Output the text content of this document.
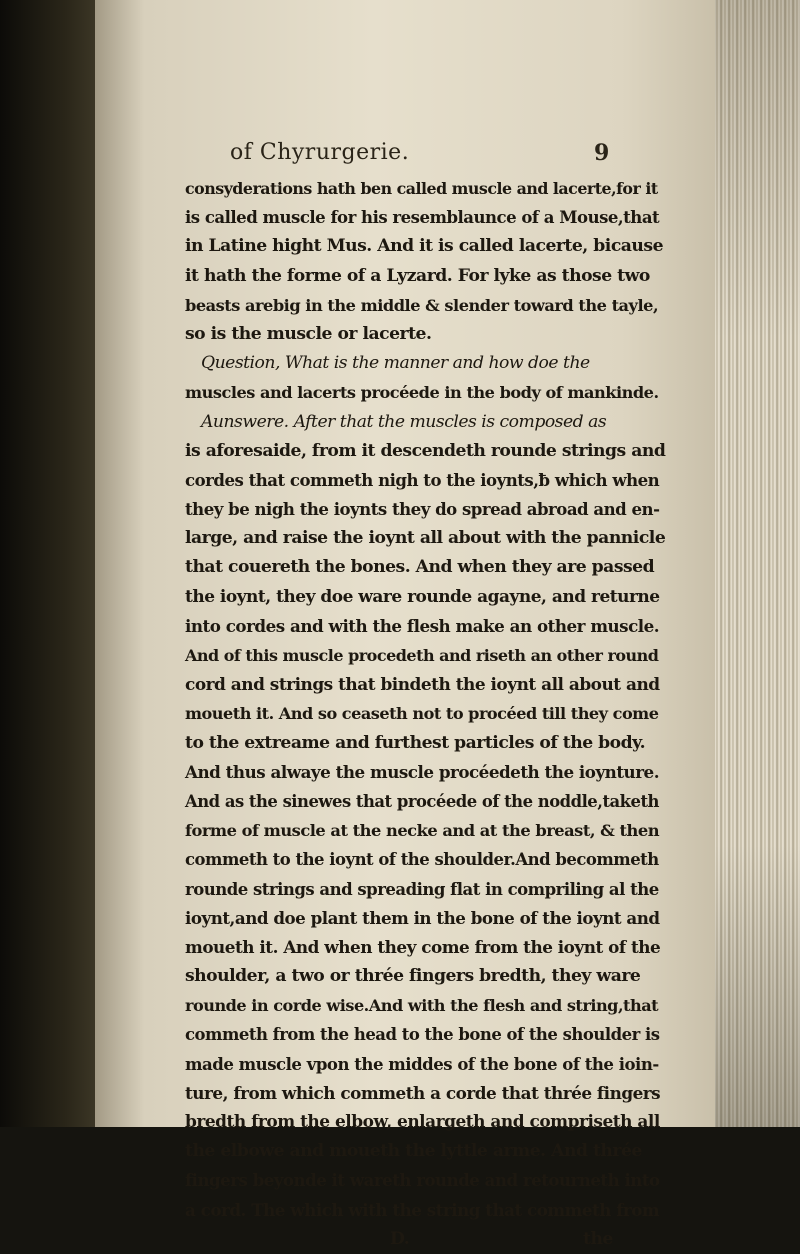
of Chyrurgerie.	9
consyderations hath ben called muscle and lacerte,for it
is called muscle for his resemblaunce of a Mouse,that
in Latine hight Mus. And it is called lacerte, bicause
it hath the forme of a Lyzard. For lyke as those two
beasts arebig in the middle & slender toward the tayle,
so is the muscle or lacerte.
Question, What is the manner and how doe the
muscles and lacerts procéede in the body of mankinde.
Aunswere. After that the muscles is composed as
is aforesaide, from it descendeth rounde strings and
cordes that commeth nigh to the ioynts,ƀ which when
they be nigh the ioynts they do spread abroad and en-
large, and raise the ioynt all about with the pannicle
that couereth the bones. And when they are passed
the ioynt, they doe ware rounde agayne, and returne
into cordes and with the flesh make an other muscle.
And of this muscle procedeth and riseth an other round
cord and strings that bindeth the ioynt all about and
moueth it. And so ceaseth not to procéed till they come
to the extreame and furthest particles of the body.
And thus alwaye the muscle procéedeth the ioynture.
And as the sinewes that procéede of the noddle,taketh
forme of muscle at the necke and at the breast, & then
commeth to the ioynt of the shoulder.And becommeth
rounde strings and spreading flat in compriling al the
ioynt,and doe plant them in the bone of the ioynt and
moueth it. And when they come from the ioynt of the
shoulder, a two or thrée fingers bredth, they ware
rounde in corde wise.And with the flesh and string,that
commeth from the head to the bone of the shoulder is
made muscle vpon the middes of the bone of the ioin-
ture, from which commeth a corde that thrée fingers
bredth from the elbow, enlargeth and compriseth all
the elbowe and moueth the lyttle arme. And thrée
fingers beyonde it wareth rounde and retourneth into
a cord. The which with the string that commeth from
D.	the
